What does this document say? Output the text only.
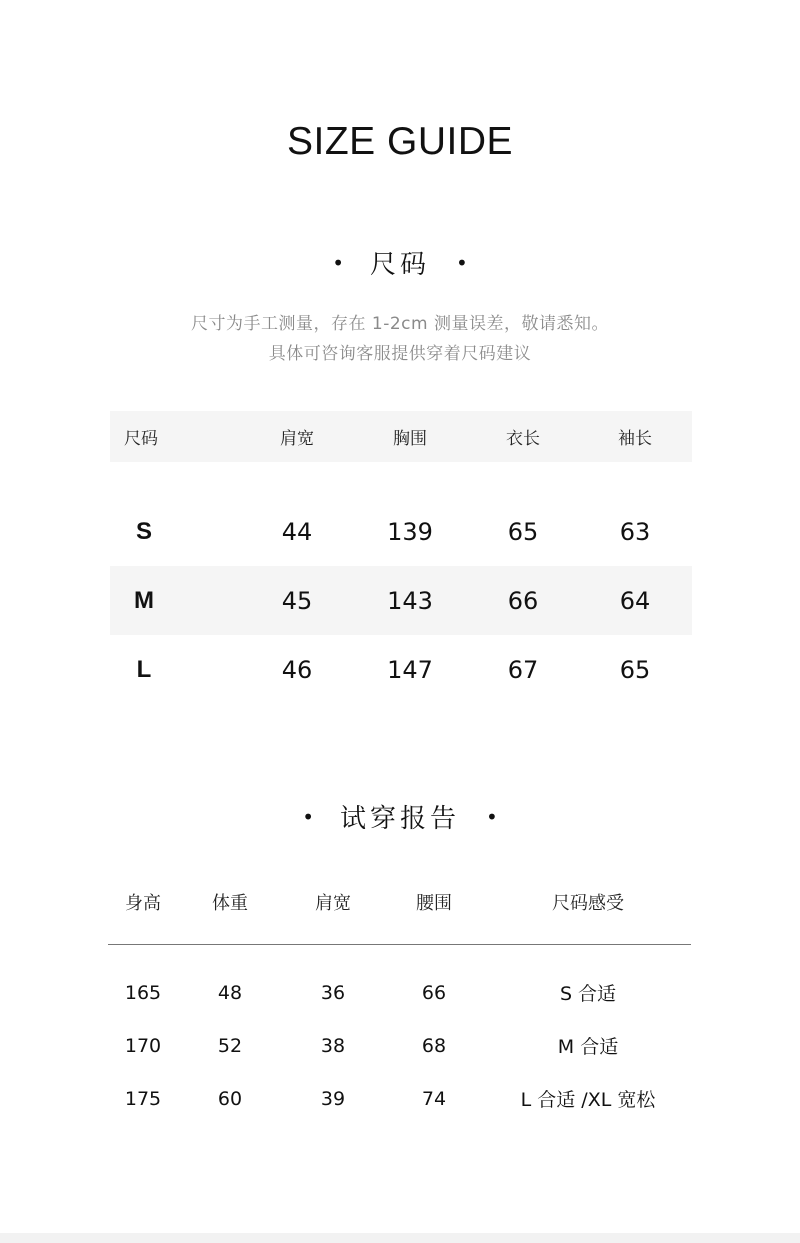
SIZE GUIDE
• 尺码 •
尺寸为手工测量，存在 1-2cm 测量误差，敬请悉知。
具体可咨询客服提供穿着尺码建议
尺码	肩宽	胸围	衣长	袖长
S	44	139	65	63
M	45	143	66	64
L	46	147	67	65
• 试穿报告 •
身高	体重	肩宽	腰围	尺码感受
165	48	36	66	S 合适
170	52	38	68	M 合适
175	60	39	74	L 合适 /XL 宽松
